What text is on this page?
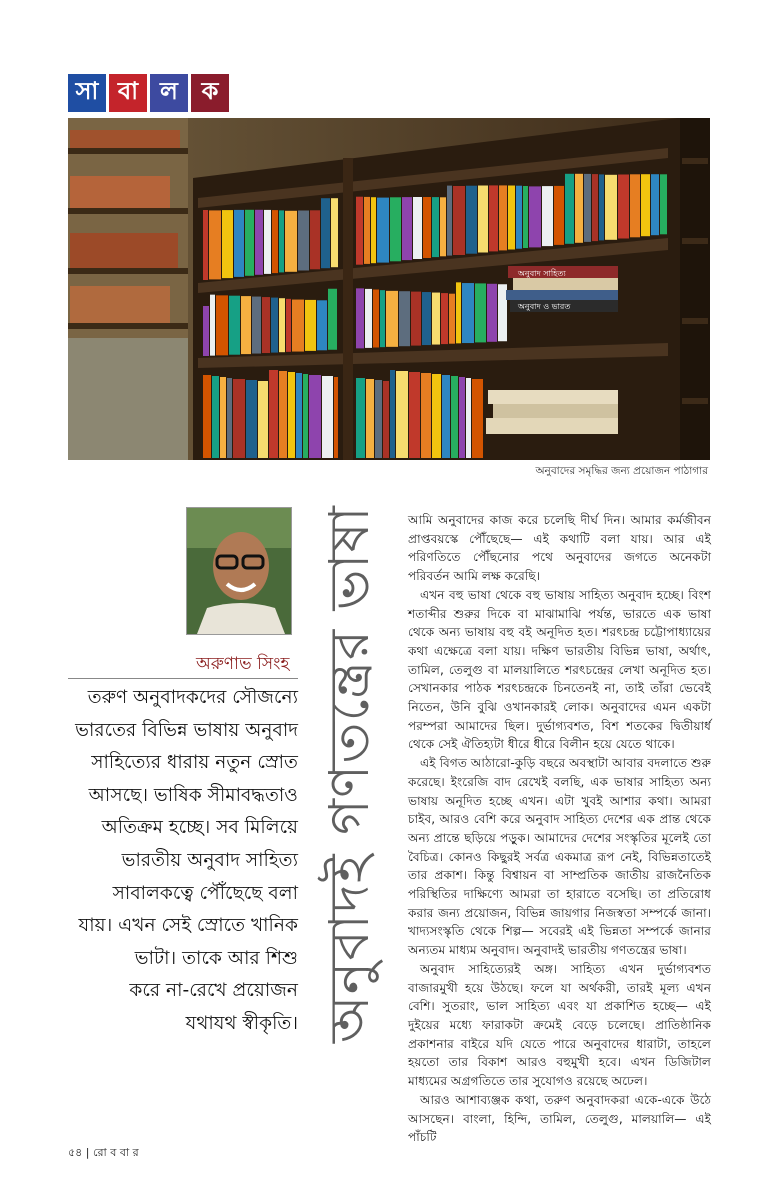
সা বা ল ক
অনুবাদ সাহিত্য
অনুবাদ ও ভারত
অনুবাদের সমৃদ্ধির জন্য প্রয়োজন পাঠাগার
অরুণাভ সিংহ
তরুণ অনুবাদকদের সৌজন্যে
ভারতের বিভিন্ন ভাষায় অনুবাদ
সাহিত্যের ধারায় নতুন স্রোত
আসছে। ভাষিক সীমাবদ্ধতাও
অতিক্রম হচ্ছে। সব মিলিয়ে
ভারতীয় অনুবাদ সাহিত্য
সাবালকত্বে পৌঁছেছে বলা
যায়। এখন সেই স্রোতে খানিক
ভাটা। তাকে আর শিশু
করে না-রেখে প্রয়োজন
যথাযথ স্বীকৃতি। অনুবাদই গণতন্ত্রের ভাষা	আমি অনুবাদের কাজ করে চলেছি দীর্ঘ দিন। আমার কর্মজীবন প্রাপ্তবয়স্কে পৌঁছেছে— এই কথাটি বলা যায়। আর এই পরিণতিতে পৌঁছনোর পথে অনুবাদের জগতে অনেকটা পরিবর্তন আমি লক্ষ করেছি।

এখন বহু ভাষা থেকে বহু ভাষায় সাহিত্য অনুবাদ হচ্ছে। বিংশ শতাব্দীর শুরুর দিকে বা মাঝামাঝি পর্যন্ত, ভারতে এক ভাষা থেকে অন্য ভাষায় বহু বই অনূদিত হত। শরৎচন্দ্র চট্টোপাধ্যায়ের কথা এক্ষেত্রে বলা যায়। দক্ষিণ ভারতীয় বিভিন্ন ভাষা, অর্থাৎ, তামিল, তেলুগু বা মালয়ালিতে শরৎচন্দ্রের লেখা অনূদিত হত। সেখানকার পাঠক শরৎচন্দ্রকে চিনতেনই না, তাই তাঁরা ভেবেই নিতেন, উনি বুঝি ওখানকারই লোক। অনুবাদের এমন একটা পরম্পরা আমাদের ছিল। দুর্ভাগ্যবশত, বিশ শতকের দ্বিতীয়ার্ধ থেকে সেই ঐতিহ্যটা ধীরে ধীরে বিলীন হয়ে যেতে থাকে।

এই বিগত আঠারো-কুড়ি বছরে অবস্থাটা আবার বদলাতে শুরু করেছে। ইংরেজি বাদ রেখেই বলছি, এক ভাষার সাহিত্য অন্য ভাষায় অনূদিত হচ্ছে এখন। এটা খুবই আশার কথা। আমরা চাইব, আরও বেশি করে অনুবাদ সাহিত্য দেশের এক প্রান্ত থেকে অন্য প্রান্তে ছড়িয়ে পড়ুক। আমাদের দেশের সংস্কৃতির মূলেই তো বৈচিত্র। কোনও কিছুরই সর্বত্র একমাত্র রূপ নেই, বিভিন্নতাতেই তার প্রকাশ। কিন্তু বিশ্বায়ন বা সাম্প্রতিক জাতীয় রাজনৈতিক পরিস্থিতির দাক্ষিণ্যে আমরা তা হারাতে বসেছি। তা প্রতিরোধ করার জন্য প্রয়োজন, বিভিন্ন জায়গার নিজস্বতা সম্পর্কে জানা। খাদ্যসংস্কৃতি থেকে শিল্প— সবেরই এই ভিন্নতা সম্পর্কে জানার অন্যতম মাধ্যম অনুবাদ। অনুবাদই ভারতীয় গণতন্ত্রের ভাষা।

অনুবাদ সাহিত্যেরই অঙ্গ। সাহিত্য এখন দুর্ভাগ্যবশত বাজারমুখী হয়ে উঠছে। ফলে যা অর্থকরী, তারই মূল্য এখন বেশি। সুতরাং, ভাল সাহিত্য এবং যা প্রকাশিত হচ্ছে— এই দুইয়ের মধ্যে ফারাকটা ক্রমেই বেড়ে চলেছে। প্রাতিষ্ঠানিক প্রকাশনার বাইরে যদি যেতে পারে অনুবাদের ধারাটা, তাহলে হয়তো তার বিকাশ আরও বহুমুখী হবে। এখন ডিজিটাল মাধ্যমের অগ্রগতিতে তার সুযোগও রয়েছে অঢেল।

আরও আশাব্যঞ্জক কথা, তরুণ অনুবাদকরা একে-একে উঠে আসছেন। বাংলা, হিন্দি, তামিল, তেলুগু, মালয়ালি— এই পাঁচটি

৫৪ | রো ব বা র
